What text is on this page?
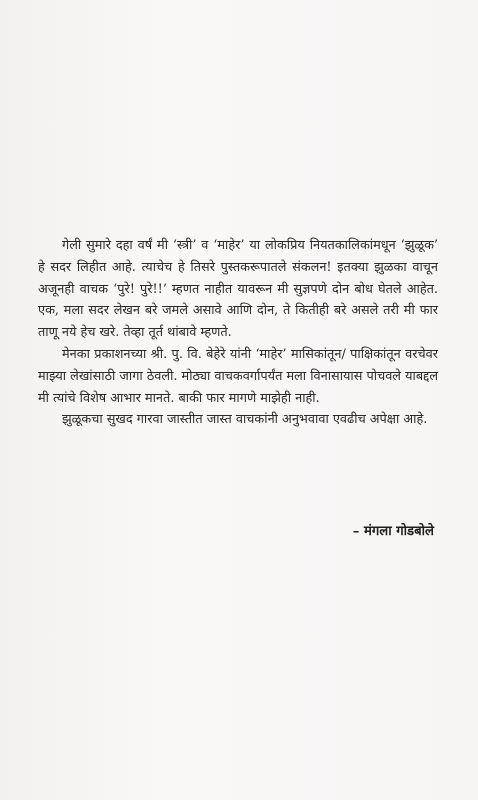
गेली सुमारे दहा वर्षं मी ‘स्त्री’ व ‘माहेर’ या लोकप्रिय नियतकालिकांमधून ‘झुळूक’ हे सदर लिहीत आहे. त्याचेच हे तिसरे पुस्तकरूपातले संकलन! इतक्या झुळका वाचून अजूनही वाचक ‘पुरे! पुरे!!’ म्हणत नाहीत यावरून मी सुज्ञपणे दोन बोध घेतले आहेत. एक, मला सदर लेखन बरे जमले असावे आणि दोन, ते कितीही बरे असले तरी मी फार ताणू नये हेच खरे. तेव्हा तूर्त थांबावे म्हणते.

मेनका प्रकाशनच्या श्री. पु. वि. बेहेरे यांनी ‘माहेर’ मासिकांतून/ पाक्षिकांतून वरचेवर माझ्या लेखांसाठी जागा ठेवली. मोठ्या वाचकवर्गापर्यंत मला विनासायास पोचवले याबद्दल मी त्यांचे विशेष आभार मानते. बाकी फार मागणे माझेही नाही.

झुळूकचा सुखद गारवा जास्तीत जास्त वाचकांनी अनुभवावा एवढीच अपेक्षा आहे.

– मंगला गोडबोले
